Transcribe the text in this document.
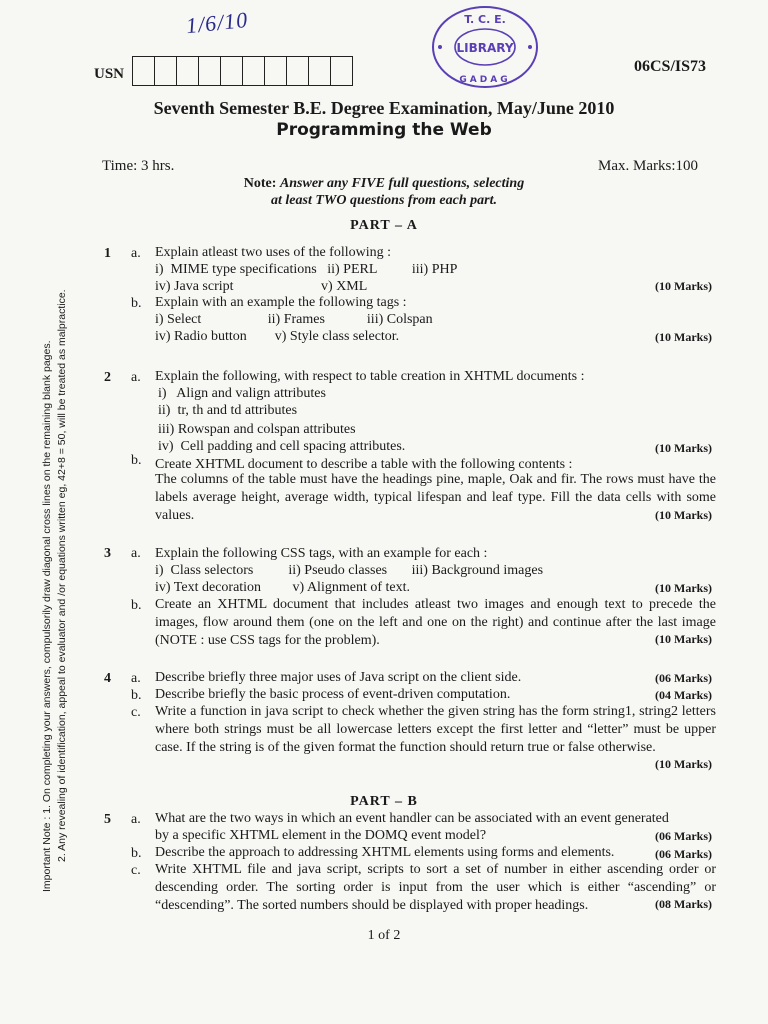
1/6/10
LIBRARY
T. C. E.
GADAG
USN	06CS/IS73
Seventh Semester B.E. Degree Examination, May/June 2010
Programming the Web
Time: 3 hrs.	Max. Marks:100
Note: Answer any FIVE full questions, selecting
at least TWO questions from each part.
PART – A
1 a. Explain atleast two uses of the following :
i)  MIME type specifications   ii) PERL          iii) PHP
iv) Java script                         v) XML	(10 Marks)
b. Explain with an example the following tags :
i) Select                   ii) Frames            iii) Colspan
iv) Radio button        v) Style class selector.	(10 Marks)
2 a. Explain the following, with respect to table creation in XHTML documents :
i)   Align and valign attributes
ii)  tr, th and td attributes
iii) Rowspan and colspan attributes
iv)  Cell padding and cell spacing attributes.	(10 Marks)
b. Create XHTML document to describe a table with the following contents :
The columns of the table must have the headings pine, maple, Oak and fir. The rows must have the labels average height, average width, typical lifespan and leaf type. Fill the data cells with some values.	(10 Marks)
3 a. Explain the following CSS tags, with an example for each :
i)  Class selectors          ii) Pseudo classes       iii) Background images
iv) Text decoration         v) Alignment of text.	(10 Marks)
b. Create an XHTML document that includes atleast two images and enough text to precede the images, flow around them (one on the left and one on the right) and continue after the last image (NOTE : use CSS tags for the problem).	(10 Marks)
4 a. Describe briefly three major uses of Java script on the client side.	(06 Marks)
b. Describe briefly the basic process of event-driven computation.	(04 Marks)
c. Write a function in java script to check whether the given string has the form string1, string2 letters where both strings must be all lowercase letters except the first letter and “letter” must be upper case. If the string is of the given format the function should return true or false otherwise.
(10 Marks)
PART – B
5 a. What are the two ways in which an event handler can be associated with an event generated
by a specific XHTML element in the DOMQ event model?	(06 Marks)
b. Describe the approach to addressing XHTML elements using forms and elements.	(06 Marks)
c. Write XHTML file and java script, scripts to sort a set of number in either ascending order or descending order. The sorting order is input from the user which is either “ascending” or “descending”. The sorted numbers should be displayed with proper headings.	(08 Marks)
Important Note : 1. On completing your answers, compulsorily draw diagonal cross lines on the remaining blank pages. 2. Any revealing of identification, appeal to evaluator and /or equations written eg, 42+8 = 50, will be treated as malpractice.
1 of 2
